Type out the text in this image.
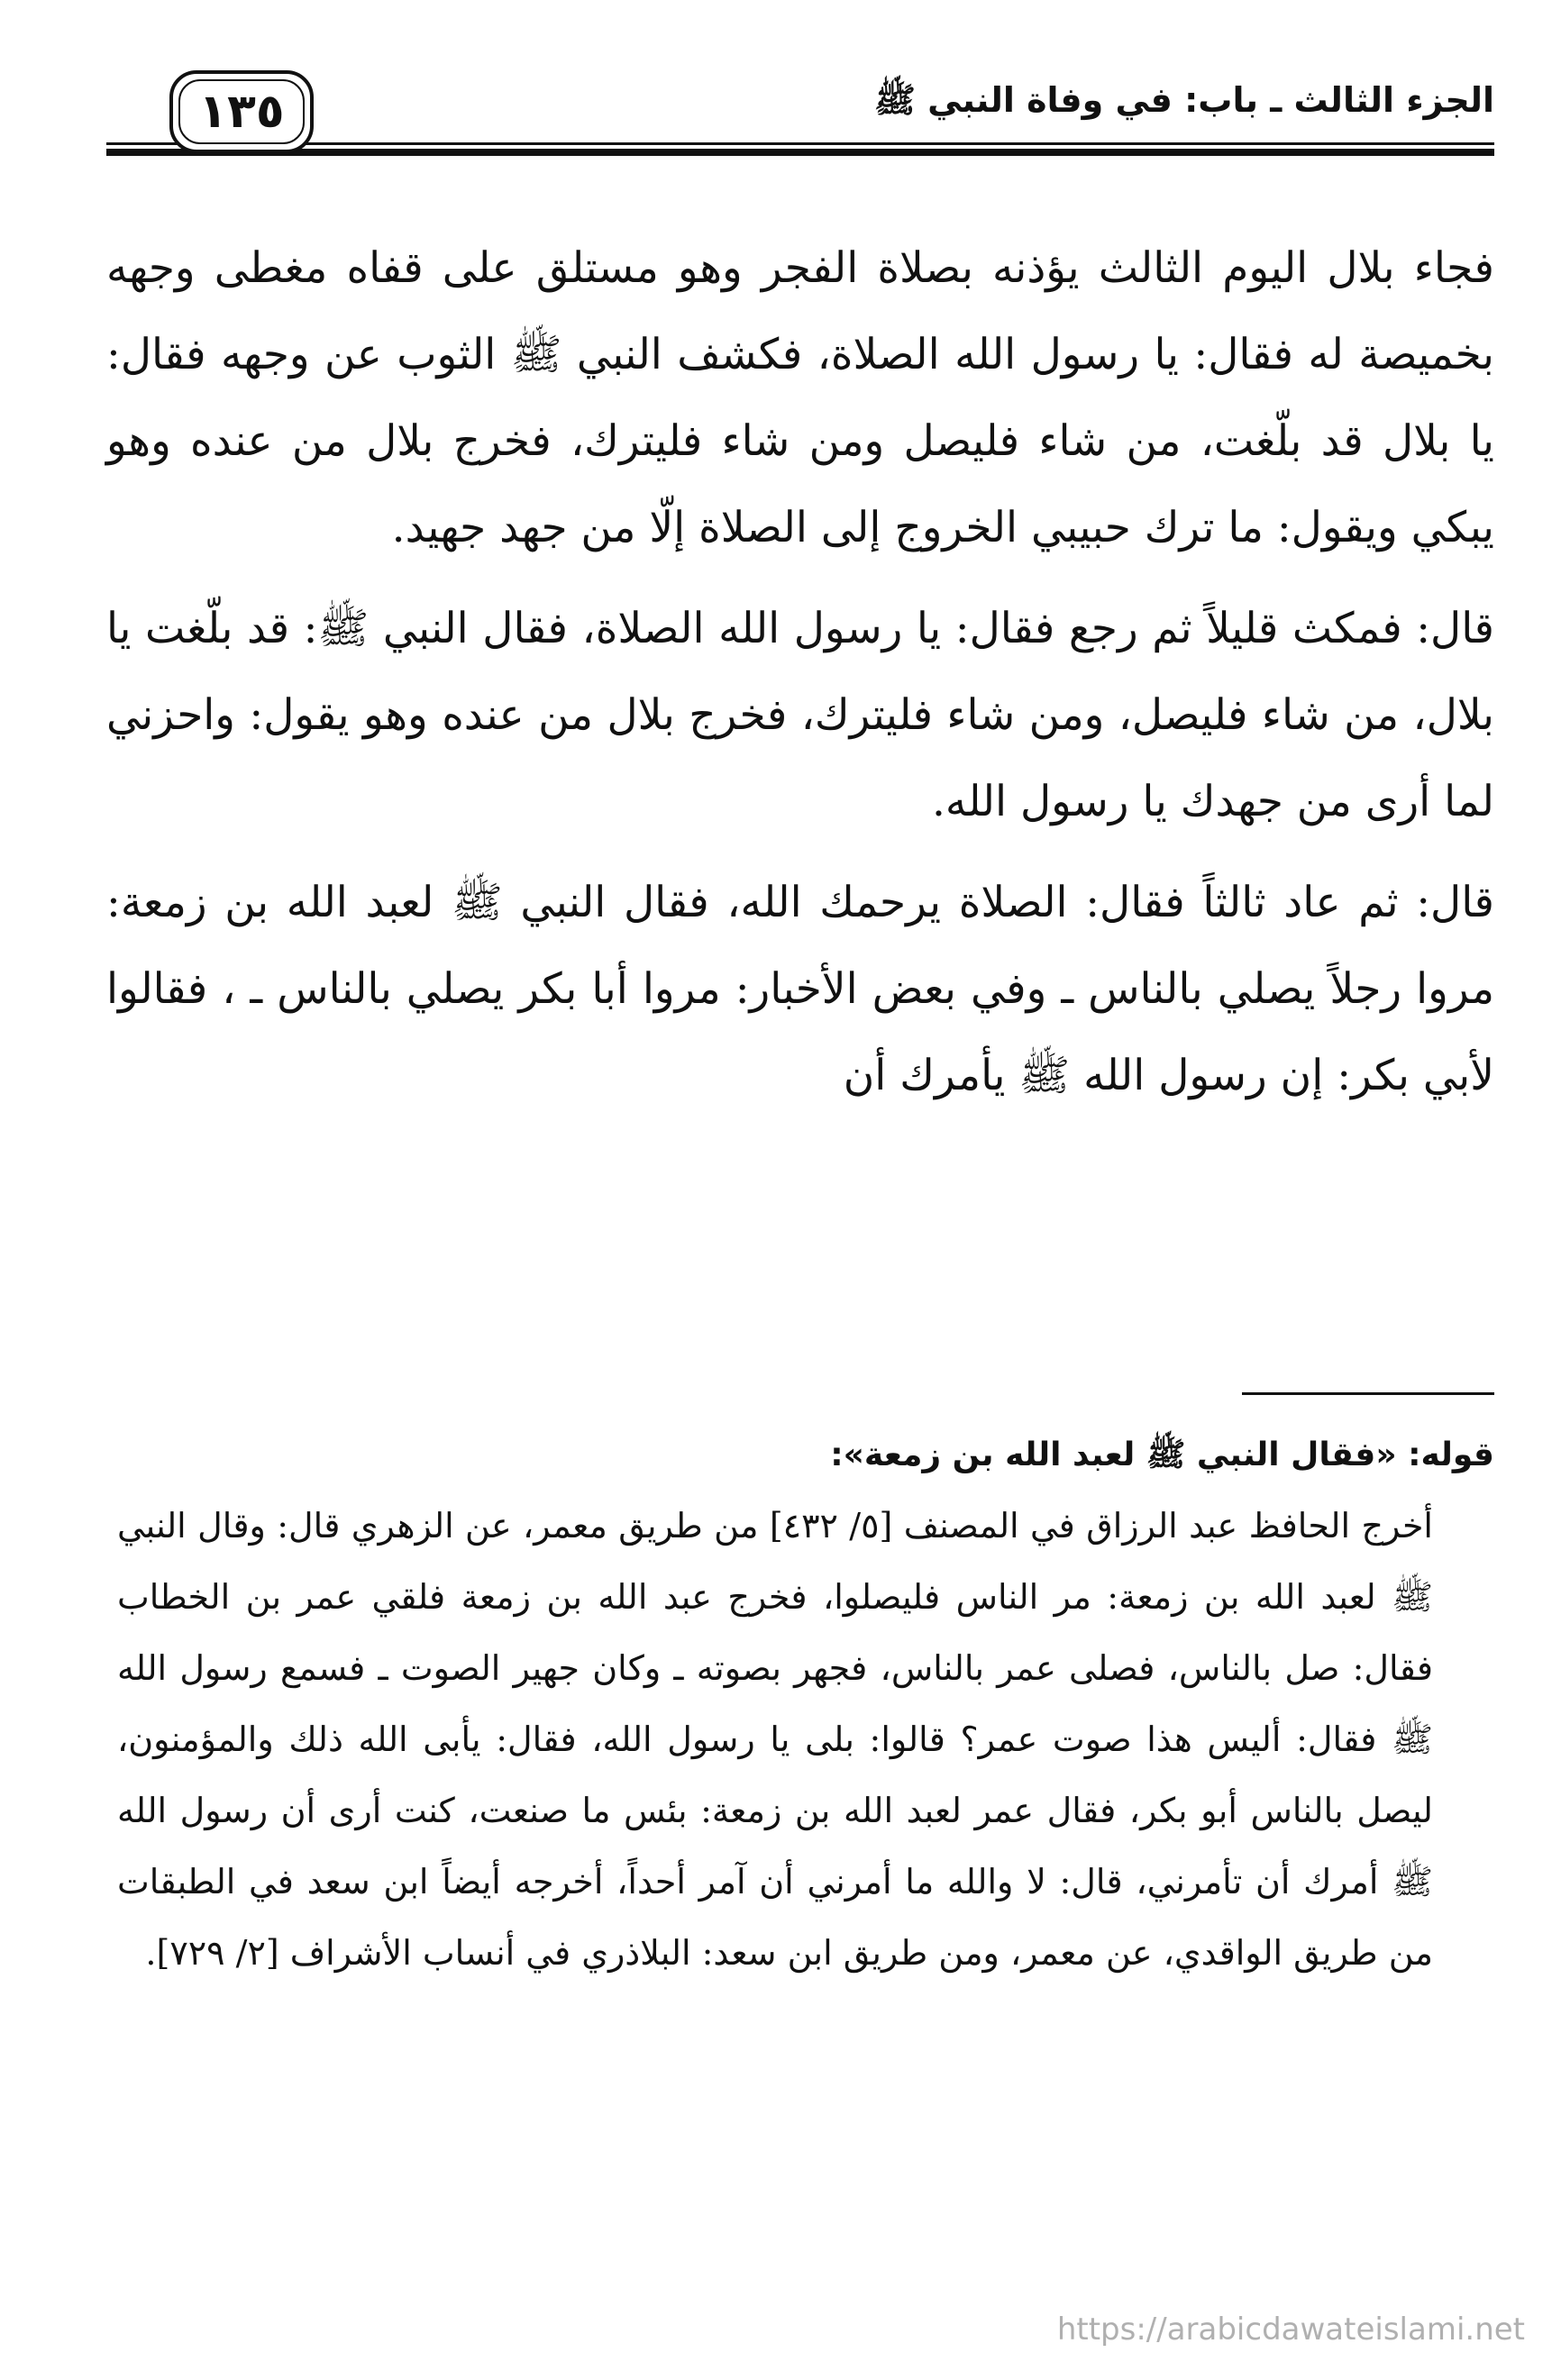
الجزء الثالث ـ باب: في وفاة النبي ﷺ
١٣٥

فجاء بلال اليوم الثالث يؤذنه بصلاة الفجر وهو مستلق على قفاه مغطى وجهه بخميصة له فقال: يا رسول الله الصلاة، فكشف النبي ﷺ الثوب عن وجهه فقال: يا بلال قد بلّغت، من شاء فليصل ومن شاء فليترك، فخرج بلال من عنده وهو يبكي ويقول: ما ترك حبيبي الخروج إلى الصلاة إلّا من جهد جهيد.

قال: فمكث قليلاً ثم رجع فقال: يا رسول الله الصلاة، فقال النبي ﷺ: قد بلّغت يا بلال، من شاء فليصل، ومن شاء فليترك، فخرج بلال من عنده وهو يقول: واحزني لما أرى من جهدك يا رسول الله.

قال: ثم عاد ثالثاً فقال: الصلاة يرحمك الله، فقال النبي ﷺ لعبد الله بن زمعة: مروا رجلاً يصلي بالناس ـ وفي بعض الأخبار: مروا أبا بكر يصلي بالناس ـ ، فقالوا لأبي بكر: إن رسول الله ﷺ يأمرك أن

قوله: «فقال النبي ﷺ لعبد الله بن زمعة»:

أخرج الحافظ عبد الرزاق في المصنف [٥/ ٤٣٢] من طريق معمر، عن الزهري قال: وقال النبي ﷺ لعبد الله بن زمعة: مر الناس فليصلوا، فخرج عبد الله بن زمعة فلقي عمر بن الخطاب فقال: صل بالناس، فصلى عمر بالناس، فجهر بصوته ـ وكان جهير الصوت ـ فسمع رسول الله ﷺ فقال: أليس هذا صوت عمر؟ قالوا: بلى يا رسول الله، فقال: يأبى الله ذلك والمؤمنون، ليصل بالناس أبو بكر، فقال عمر لعبد الله بن زمعة: بئس ما صنعت، كنت أرى أن رسول الله ﷺ أمرك أن تأمرني، قال: لا والله ما أمرني أن آمر أحداً، أخرجه أيضاً ابن سعد في الطبقات من طريق الواقدي، عن معمر، ومن طريق ابن سعد: البلاذري في أنساب الأشراف [٢/ ٧٢٩].

https://arabicdawateislami.net
